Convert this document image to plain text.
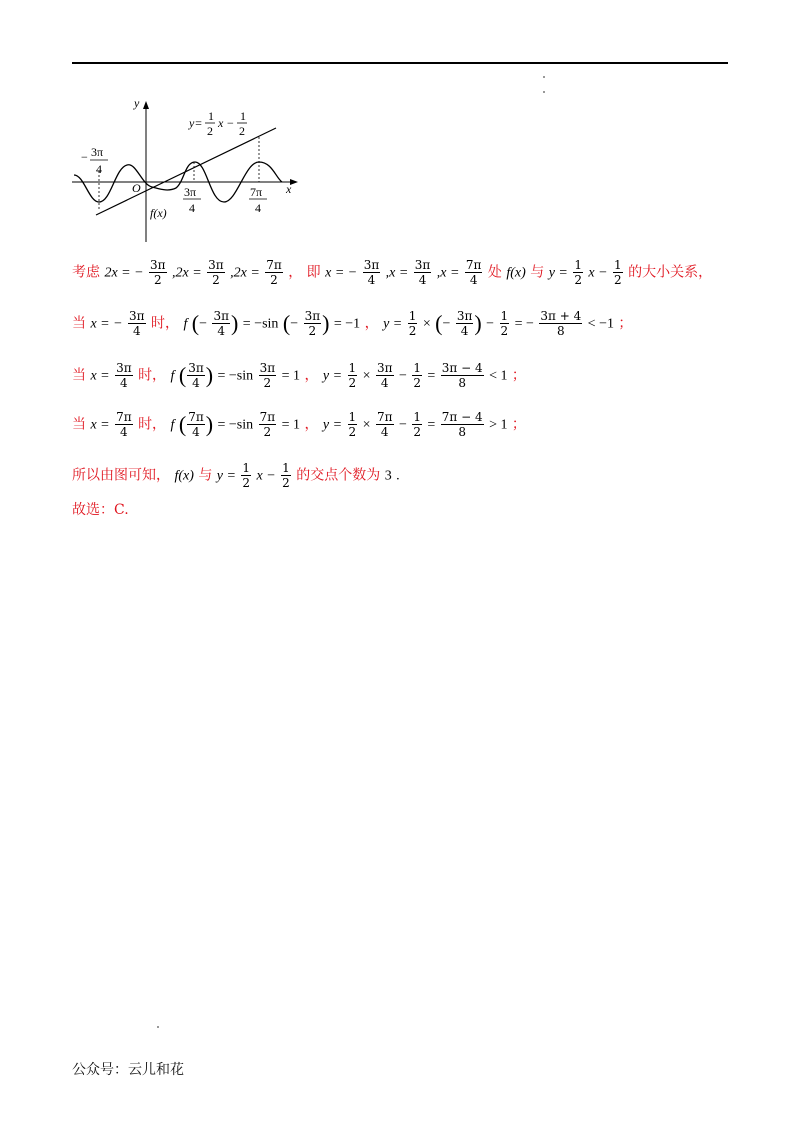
y
x
O
y= 1
2
x − 1
2
− 3π
4
3π
4
7π
4
f(x)
考虑 2x = − $\frac{3\pi}{2} ,2x = \frac{3\pi}{2} ,2x = \frac{7\pi}{2}$ ， 即 x = − $\frac{3\pi}{4} ,x = \frac{3\pi}{4} ,x = \frac{7\pi}{4}$ 处 f(x) 与 $y = \frac{1}{2}$ $x - \frac{1}{2}$ 的大小关系，
当 x = − $\frac{3\pi}{4}$ 时， f (− $\frac{3\pi}{4}$ ) = −sin (− $\frac{3\pi}{2}$ ) = −1 ， $y = \frac{1}{2}$ × (− $\frac{3\pi}{4}$ ) − $\frac{1}{2}$ = − $\frac{3\pi + 4}{8} < -1$ ；
当 $x = \frac{3\pi}{4}$ 时， f ( $\frac{3\pi}{4}$ ) = $-\sin \frac{3\pi}{2} = 1$ ， $y = \frac{1}{2} \times \frac{3\pi}{4} - \frac{1}{2} = \frac{3\pi - 4}{8} < 1$ ；
当 $x = \frac{7\pi}{4}$ 时， f ( $\frac{7\pi}{4}$ ) = $-\sin \frac{7\pi}{2} = 1$ ， $y = \frac{1}{2} \times \frac{7\pi}{4} - \frac{1}{2} = \frac{7\pi - 4}{8} > 1$ ；
所以由图可知， f(x) 与 $y = \frac{1}{2}$ $x - \frac{1}{2}$ 的交点个数为 3 .
故选：C.
公众号：云儿和花
